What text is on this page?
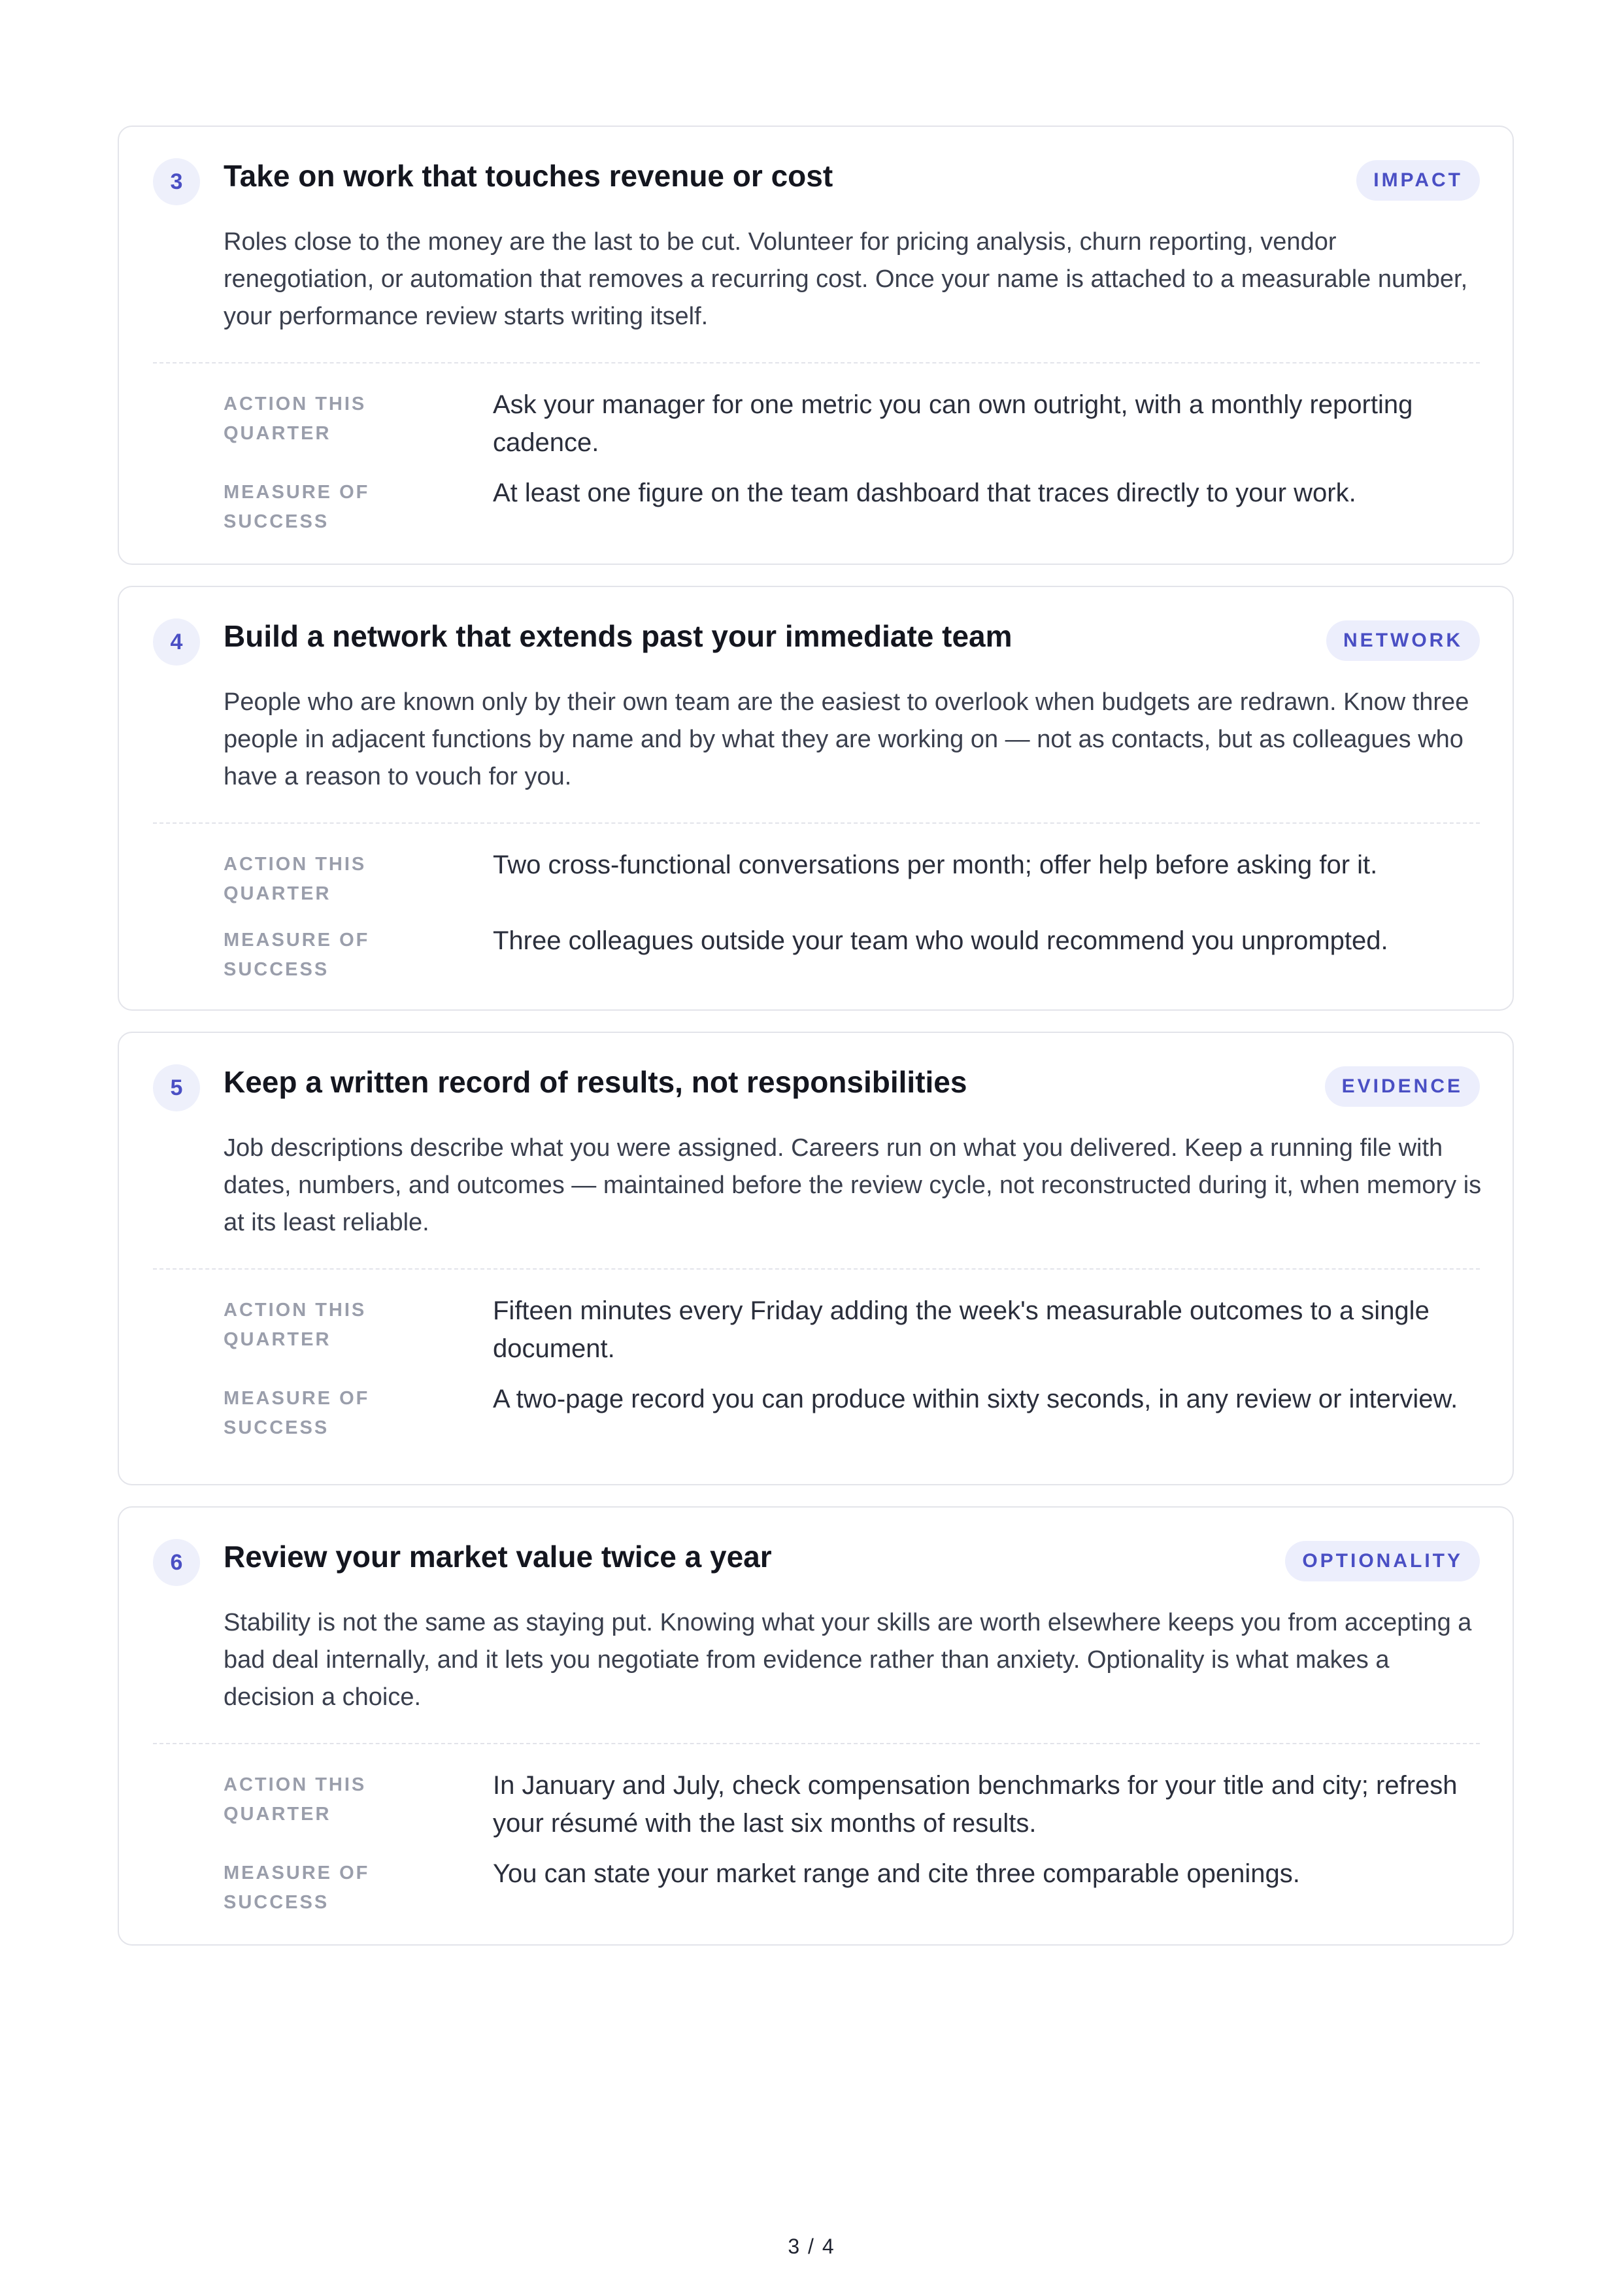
3	Take on work that touches revenue or cost	IMPACT
Roles close to the money are the last to be cut. Volunteer for pricing analysis, churn reporting, vendor renegotiation, or automation that removes a recurring cost. Once your name is attached to a measurable number, your performance review starts writing itself.
ACTION THIS QUARTER
Ask your manager for one metric you can own outright, with a monthly reporting cadence.
MEASURE OF SUCCESS
At least one figure on the team dashboard that traces directly to your work.
4	Build a network that extends past your immediate team	NETWORK
People who are known only by their own team are the easiest to overlook when budgets are redrawn. Know three people in adjacent functions by name and by what they are working on — not as contacts, but as colleagues who have a reason to vouch for you.
ACTION THIS QUARTER
Two cross-functional conversations per month; offer help before asking for it.
MEASURE OF SUCCESS
Three colleagues outside your team who would recommend you unprompted.
5	Keep a written record of results, not responsibilities	EVIDENCE
Job descriptions describe what you were assigned. Careers run on what you delivered. Keep a running file with dates, numbers, and outcomes — maintained before the review cycle, not reconstructed during it, when memory is at its least reliable.
ACTION THIS QUARTER
Fifteen minutes every Friday adding the week's measurable outcomes to a single document.
MEASURE OF SUCCESS
A two-page record you can produce within sixty seconds, in any review or interview.
6	Review your market value twice a year	OPTIONALITY
Stability is not the same as staying put. Knowing what your skills are worth elsewhere keeps you from accepting a bad deal internally, and it lets you negotiate from evidence rather than anxiety. Optionality is what makes a decision a choice.
ACTION THIS QUARTER
In January and July, check compensation benchmarks for your title and city; refresh your résumé with the last six months of results.
MEASURE OF SUCCESS
You can state your market range and cite three comparable openings.
3 / 4
